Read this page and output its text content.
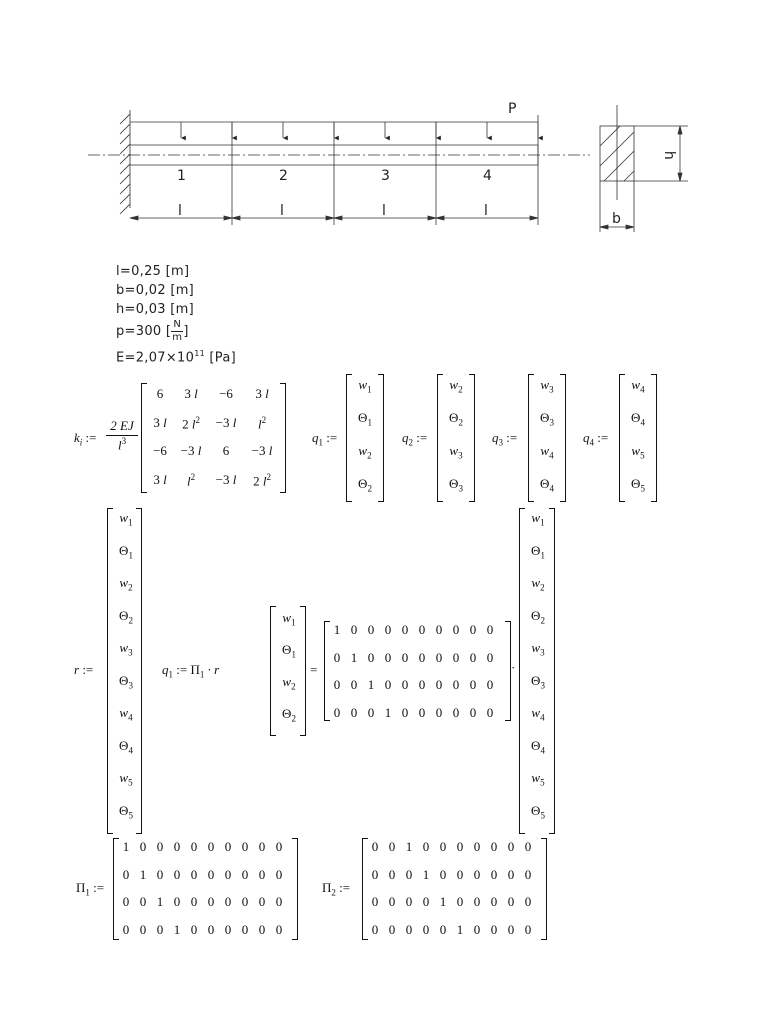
P
1	2	3	4
l	l	l	l
h
b
l=0,25 [m]
b=0,02 [m]
h=0,03 [m]
p=300 [ $\frac{N}{m}$ ]
$E=2,07\times 10^{11}$ [Pa]
$k_i$ :=
2 EJ
$l^3$
6	3 l	−6	3 l
3 l	2 $l^2$	−3 l	$l^2$
−6	−3 l	6	−3 l
3 l	$l^2$	−3 l	2 $l^2$
$q_1$ :=
$w_1$
$\Theta_1$
$w_2$
$\Theta_2$
$q_2$ :=
$w_2$
$\Theta_2$
$w_3$
$\Theta_3$
$q_3$ :=
$w_3$
$\Theta_3$
$w_4$
$\Theta_4$
$q_4$ :=
$w_4$
$\Theta_4$
$w_5$
$\Theta_5$
r :=
$w_1$
$\Theta_1$
$w_2$
$\Theta_2$
$w_3$
$\Theta_3$
$w_4$
$\Theta_4$
$w_5$
$\Theta_5$
$q_1$ := $\Pi_1 \cdot r$
$w_1$
$\Theta_1$
$w_2$
$\Theta_2$
=
1 0 0 0 0 0 0 0 0 0
0 1 0 0 0 0 0 0 0 0
0 0 1 0 0 0 0 0 0 0
0 0 0 1 0 0 0 0 0 0
·
$w_1$
$\Theta_1$
$w_2$
$\Theta_2$
$w_3$
$\Theta_3$
$w_4$
$\Theta_4$
$w_5$
$\Theta_5$
$\Pi_1$ :=
1 0 0 0 0 0 0 0 0 0
0 1 0 0 0 0 0 0 0 0
0 0 1 0 0 0 0 0 0 0
0 0 0 1 0 0 0 0 0 0
$\Pi_2$ :=
0 0 1 0 0 0 0 0 0 0
0 0 0 1 0 0 0 0 0 0
0 0 0 0 1 0 0 0 0 0
0 0 0 0 0 1 0 0 0 0
